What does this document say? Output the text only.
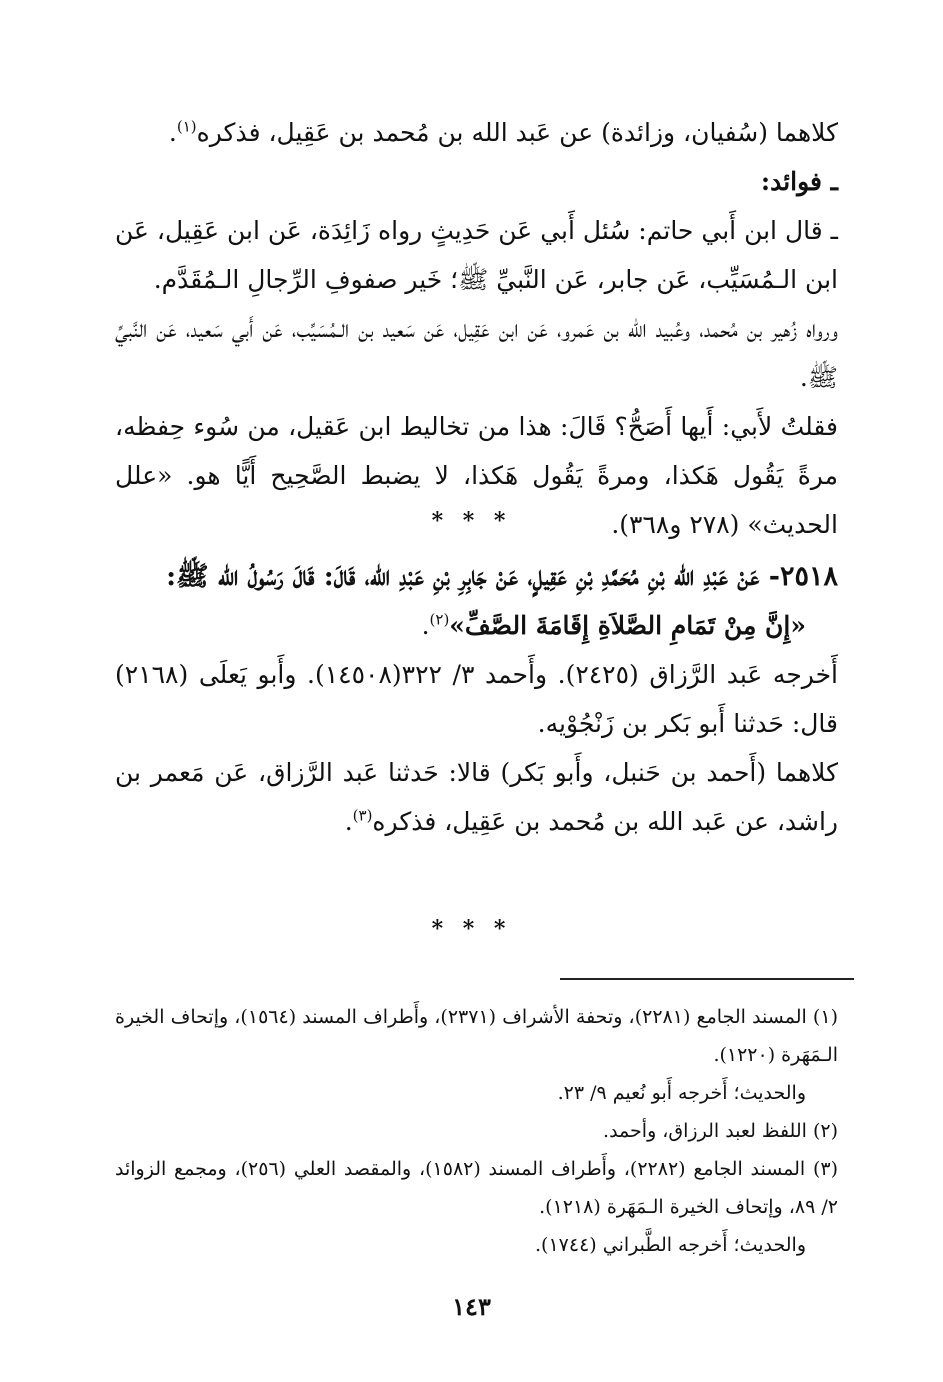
كلاهما (سُفيان، وزائدة) عن عَبد الله بن مُحمد بن عَقِيل، فذكره$^{(١)}$.

ـ فوائد:

ـ قال ابن أَبي حاتم: سُئل أَبي عَن حَدِيثٍ رواه زَائِدَة، عَن ابن عَقِيل، عَن ابن الـمُسَيِّب، عَن جابر، عَن النَّبيِّ ﷺ؛ خَير صفوفِ الرِّجالِ الـمُقَدَّم.

ورواه زُهير بن مُحمد، وعُبيد الله بن عَمرو، عَن ابن عَقِيل، عَن سَعيد بن الـمُسَيِّب، عَن أَبي سَعيد، عَن النَّبيِّ ﷺ.

فقلتُ لأَبي: أَيها أَصَحُّ؟ قَالَ: هذا من تخاليط ابن عَقيل، من سُوء حِفظه، مرةً يَقُول هَكذا، ومرةً يَقُول هَكذا، لا يضبط الصَّحِيح أَيًّا هو. «علل الحديث» (٢٧٨ و٣٦٨).

* * *

٢٥١٨- عَنْ عَبْدِ الله بْنِ مُحَمَّدِ بْنِ عَقِيلٍ، عَنْ جَابِرِ بْنِ عَبْدِ الله، قَالَ: قَالَ رَسُولُ الله ﷺ:

«إِنَّ مِنْ تَمَامِ الصَّلاَةِ إِقَامَةَ الصَّفِّ»$^{(٢)}$.

أَخرجه عَبد الرَّزاق (٢٤٢٥). وأَحمد ٣/ ٣٢٢(١٤٥٠٨). وأَبو يَعلَى (٢١٦٨) قال: حَدثنا أَبو بَكر بن زَنْجُوْيه.

كلاهما (أَحمد بن حَنبل، وأَبو بَكر) قالا: حَدثنا عَبد الرَّزاق، عَن مَعمر بن راشد، عن عَبد الله بن مُحمد بن عَقِيل، فذكره$^{(٣)}$.

* * *

(١) المسند الجامع (٢٢٨١)، وتحفة الأشراف (٢٣٧١)، وأَطراف المسند (١٥٦٤)، وإتحاف الخيرة الـمَهَرة (١٢٢٠).

والحديث؛ أَخرجه أَبو نُعيم ٩/ ٢٣.

(٢) اللفظ لعبد الرزاق، وأحمد.

(٣) المسند الجامع (٢٢٨٢)، وأَطراف المسند (١٥٨٢)، والمقصد العلي (٢٥٦)، ومجمع الزوائد ٢/ ٨٩، وإتحاف الخيرة الـمَهَرة (١٢١٨).

والحديث؛ أَخرجه الطَّبراني (١٧٤٤).

١٤٣
